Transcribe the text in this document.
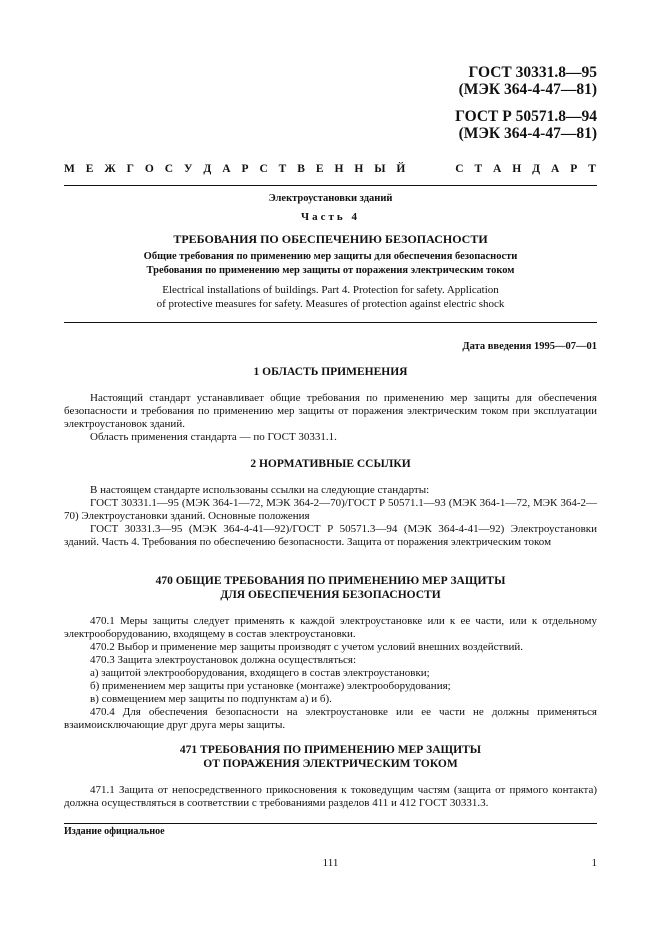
ГОСТ 30331.8—95
(МЭК 364-4-47—81)
ГОСТ Р 50571.8—94
(МЭК 364-4-47—81)
М Е Ж Г О С У Д А Р С Т В Е Н Н Ы Й	С Т А Н Д А Р Т
Электроустановки зданий
Часть 4
ТРЕБОВАНИЯ ПО ОБЕСПЕЧЕНИЮ БЕЗОПАСНОСТИ
Общие требования по применению мер защиты для обеспечения безопасности
Требования по применению мер защиты от поражения электрическим током
Electrical installations of buildings. Part 4. Protection for safety. Application
of protective measures for safety. Measures of protection against electric shock
Дата введения 1995—07—01
1 ОБЛАСТЬ ПРИМЕНЕНИЯ
Настоящий стандарт устанавливает общие требования по применению мер защиты для обеспечения безопасности и требования по применению мер защиты от поражения электрическим током при эксплуатации электроустановок зданий.
Область применения стандарта — по ГОСТ 30331.1.
2 НОРМАТИВНЫЕ ССЫЛКИ
В настоящем стандарте использованы ссылки на следующие стандарты:
ГОСТ 30331.1—95 (МЭК 364-1—72, МЭК 364-2—70)/ГОСТ Р 50571.1—93 (МЭК 364-1—72, МЭК 364-2—70) Электроустановки зданий. Основные положения
ГОСТ 30331.3—95 (МЭК 364-4-41—92)/ГОСТ Р 50571.3—94 (МЭК 364-4-41—92) Электроустановки зданий. Часть 4. Требования по обеспечению безопасности. Защита от поражения электрическим током
470 ОБЩИЕ ТРЕБОВАНИЯ ПО ПРИМЕНЕНИЮ МЕР ЗАЩИТЫ
ДЛЯ ОБЕСПЕЧЕНИЯ БЕЗОПАСНОСТИ
470.1 Меры защиты следует применять к каждой электроустановке или к ее части, или к отдельному электрооборудованию, входящему в состав электроустановки.
470.2 Выбор и применение мер защиты производят с учетом условий внешних воздействий.
470.3 Защита электроустановок должна осуществляться:
а) защитой электрооборудования, входящего в состав электроустановки;
б) применением мер защиты при установке (монтаже) электрооборудования;
в) совмещением мер защиты по подпунктам а) и б).
470.4 Для обеспечения безопасности на электроустановке или ее части не должны применяться взаимоисключающие друг друга меры защиты.
471 ТРЕБОВАНИЯ ПО ПРИМЕНЕНИЮ МЕР ЗАЩИТЫ
ОТ ПОРАЖЕНИЯ ЭЛЕКТРИЧЕСКИМ ТОКОМ
471.1 Защита от непосредственного прикосновения к токоведущим частям (защита от прямого контакта) должна осуществляться в соответствии с требованиями разделов 411 и 412 ГОСТ 30331.3.
Издание официальное
111	1
